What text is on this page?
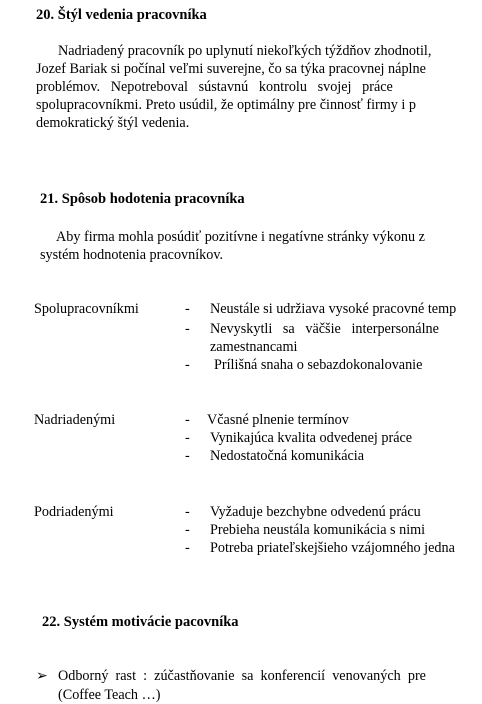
20. Štýl vedenia pracovníka
Nadriadený pracovník po uplynutí niekoľkých týždňov zhodnotil,
Jozef Bariak si počínal veľmi suverejne, čo sa týka pracovnej náplne
problémov.   Nepotreboval   sústavnú   kontrolu   svojej   práce
spolupracovníkmi. Preto usúdil, že optimálny pre činnosť firmy i p
demokratický štýl vedenia.
21. Spôsob hodotenia pracovníka
Aby firma mohla posúdiť pozitívne i negatívne stránky výkonu z
systém hodnotenia pracovníkov.
Spolupracovníkmi	- Neustále si udržiava vysoké pracovné temp
- Nevyskytli   sa   väčšie   interpersonálne
zamestnancami
- Prílišná snaha o sebazdokonalovanie
Nadriadenými	- Včasné plnenie termínov
- Vynikajúca kvalita odvedenej práce
- Nedostatočná komunikácia
Podriadenými	- Vyžaduje bezchybne odvedenú prácu
- Prebieha neustála komunikácia s nimi
- Potreba priateľskejšieho vzájomného jedna
22. Systém motivácie pacovníka
➢ Odborný  rast  :  zúčastňovanie  sa  konferencií  venovaných  pre
(Coffee Teach …)
